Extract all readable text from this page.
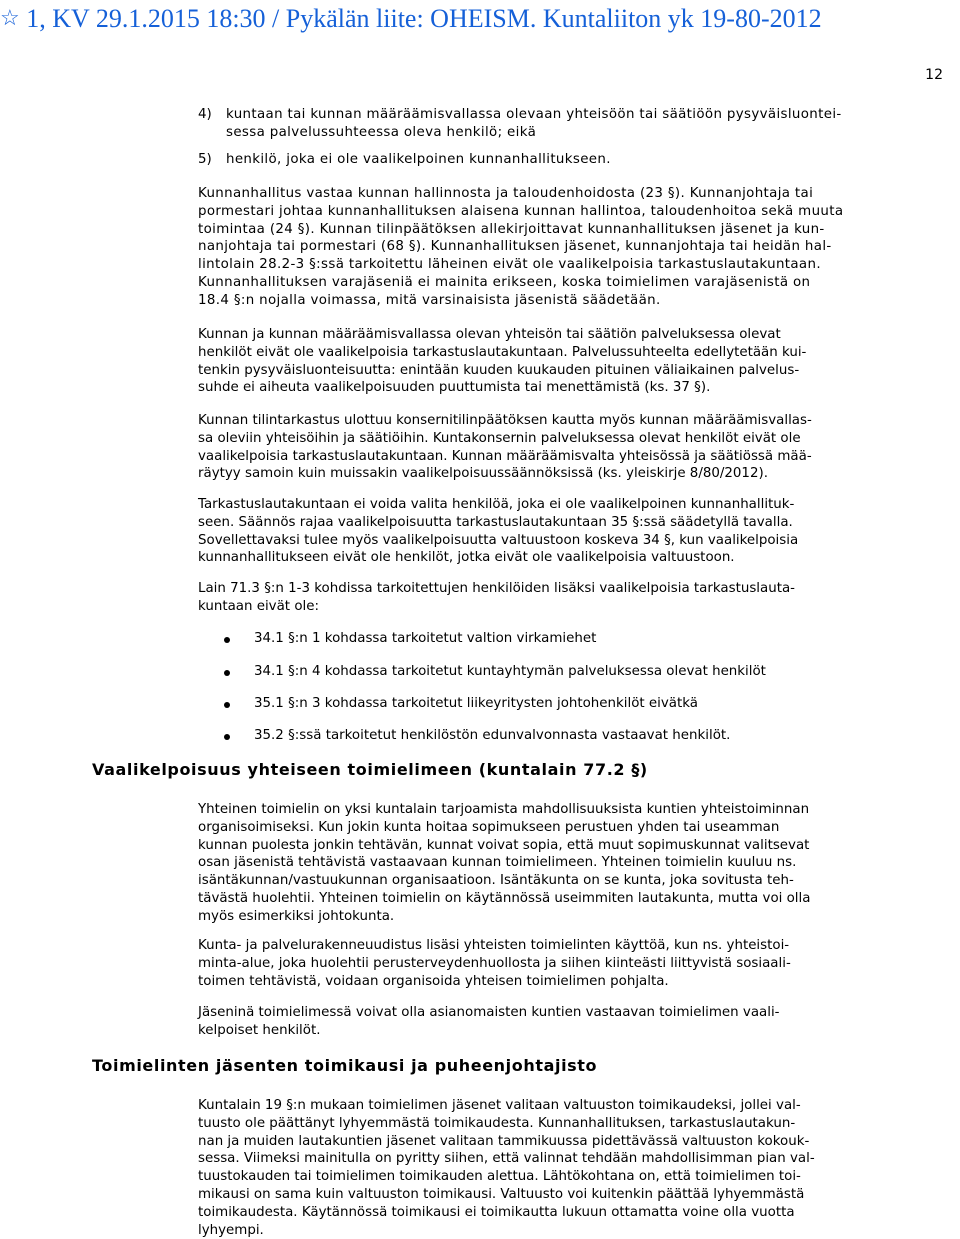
☆ 1, KV 29.1.2015 18:30 / Pykälän liite: OHEISM. Kuntaliiton yk 19-80-2012
12
4) kuntaan tai kunnan määräämisvallassa olevaan yhteisöön tai säätiöön pysyväisluontei-
sessa palvelussuhteessa oleva henkilö; eikä
5) henkilö, joka ei ole vaalikelpoinen kunnanhallitukseen.
Kunnanhallitus vastaa kunnan hallinnosta ja taloudenhoidosta (23 §). Kunnanjohtaja tai
pormestari johtaa kunnanhallituksen alaisena kunnan hallintoa, taloudenhoitoa sekä muuta
toimintaa (24 §). Kunnan tilinpäätöksen allekirjoittavat kunnanhallituksen jäsenet ja kun-
nanjohtaja tai pormestari (68 §). Kunnanhallituksen jäsenet, kunnanjohtaja tai heidän hal-
lintolain 28.2-3 §:ssä tarkoitettu läheinen eivät ole vaalikelpoisia tarkastuslautakuntaan.
Kunnanhallituksen varajäseniä ei mainita erikseen, koska toimielimen varajäsenistä on
18.4 §:n nojalla voimassa, mitä varsinaisista jäsenistä säädetään.
Kunnan ja kunnan määräämisvallassa olevan yhteisön tai säätiön palveluksessa olevat
henkilöt eivät ole vaalikelpoisia tarkastuslautakuntaan. Palvelussuhteelta edellytetään kui-
tenkin pysyväisluonteisuutta: enintään kuuden kuukauden pituinen väliaikainen palvelus-
suhde ei aiheuta vaalikelpoisuuden puuttumista tai menettämistä (ks. 37 §).
Kunnan tilintarkastus ulottuu konsernitilinpäätöksen kautta myös kunnan määräämisvallas-
sa oleviin yhteisöihin ja säätiöihin. Kuntakonsernin palveluksessa olevat henkilöt eivät ole
vaalikelpoisia tarkastuslautakuntaan. Kunnan määräämisvalta yhteisössä ja säätiössä mää-
räytyy samoin kuin muissakin vaalikelpoisuussäännöksissä (ks. yleiskirje 8/80/2012).
Tarkastuslautakuntaan ei voida valita henkilöä, joka ei ole vaalikelpoinen kunnanhallituk-
seen. Säännös rajaa vaalikelpoisuutta tarkastuslautakuntaan 35 §:ssä säädetyllä tavalla.
Sovellettavaksi tulee myös vaalikelpoisuutta valtuustoon koskeva 34 §, kun vaalikelpoisia
kunnanhallitukseen eivät ole henkilöt, jotka eivät ole vaalikelpoisia valtuustoon.
Lain 71.3 §:n 1-3 kohdissa tarkoitettujen henkilöiden lisäksi vaalikelpoisia tarkastuslauta-
kuntaan eivät ole:
34.1 §:n 1 kohdassa tarkoitetut valtion virkamiehet
34.1 §:n 4 kohdassa tarkoitetut kuntayhtymän palveluksessa olevat henkilöt
35.1 §:n 3 kohdassa tarkoitetut liikeyritysten johtohenkilöt eivätkä
35.2 §:ssä tarkoitetut henkilöstön edunvalvonnasta vastaavat henkilöt.
Vaalikelpoisuus yhteiseen toimielimeen (kuntalain 77.2 §)
Yhteinen toimielin on yksi kuntalain tarjoamista mahdollisuuksista kuntien yhteistoiminnan
organisoimiseksi. Kun jokin kunta hoitaa sopimukseen perustuen yhden tai useamman
kunnan puolesta jonkin tehtävän, kunnat voivat sopia, että muut sopimuskunnat valitsevat
osan jäsenistä tehtävistä vastaavaan kunnan toimielimeen. Yhteinen toimielin kuuluu ns.
isäntäkunnan/vastuukunnan organisaatioon. Isäntäkunta on se kunta, joka sovitusta teh-
tävästä huolehtii. Yhteinen toimielin on käytännössä useimmiten lautakunta, mutta voi olla
myös esimerkiksi johtokunta.
Kunta- ja palvelurakenneuudistus lisäsi yhteisten toimielinten käyttöä, kun ns. yhteistoi-
minta-alue, joka huolehtii perusterveydenhuollosta ja siihen kiinteästi liittyvistä sosiaali-
toimen tehtävistä, voidaan organisoida yhteisen toimielimen pohjalta.
Jäseninä toimielimessä voivat olla asianomaisten kuntien vastaavan toimielimen vaali-
kelpoiset henkilöt.
Toimielinten jäsenten toimikausi ja puheenjohtajisto
Kuntalain 19 §:n mukaan toimielimen jäsenet valitaan valtuuston toimikaudeksi, jollei val-
tuusto ole päättänyt lyhyemmästä toimikaudesta. Kunnanhallituksen, tarkastuslautakun-
nan ja muiden lautakuntien jäsenet valitaan tammikuussa pidettävässä valtuuston kokouk-
sessa. Viimeksi mainitulla on pyritty siihen, että valinnat tehdään mahdollisimman pian val-
tuustokauden tai toimielimen toimikauden alettua. Lähtökohtana on, että toimielimen toi-
mikausi on sama kuin valtuuston toimikausi. Valtuusto voi kuitenkin päättää lyhyemmästä
toimikaudesta. Käytännössä toimikausi ei toimikautta lukuun ottamatta voine olla vuotta
lyhyempi.
